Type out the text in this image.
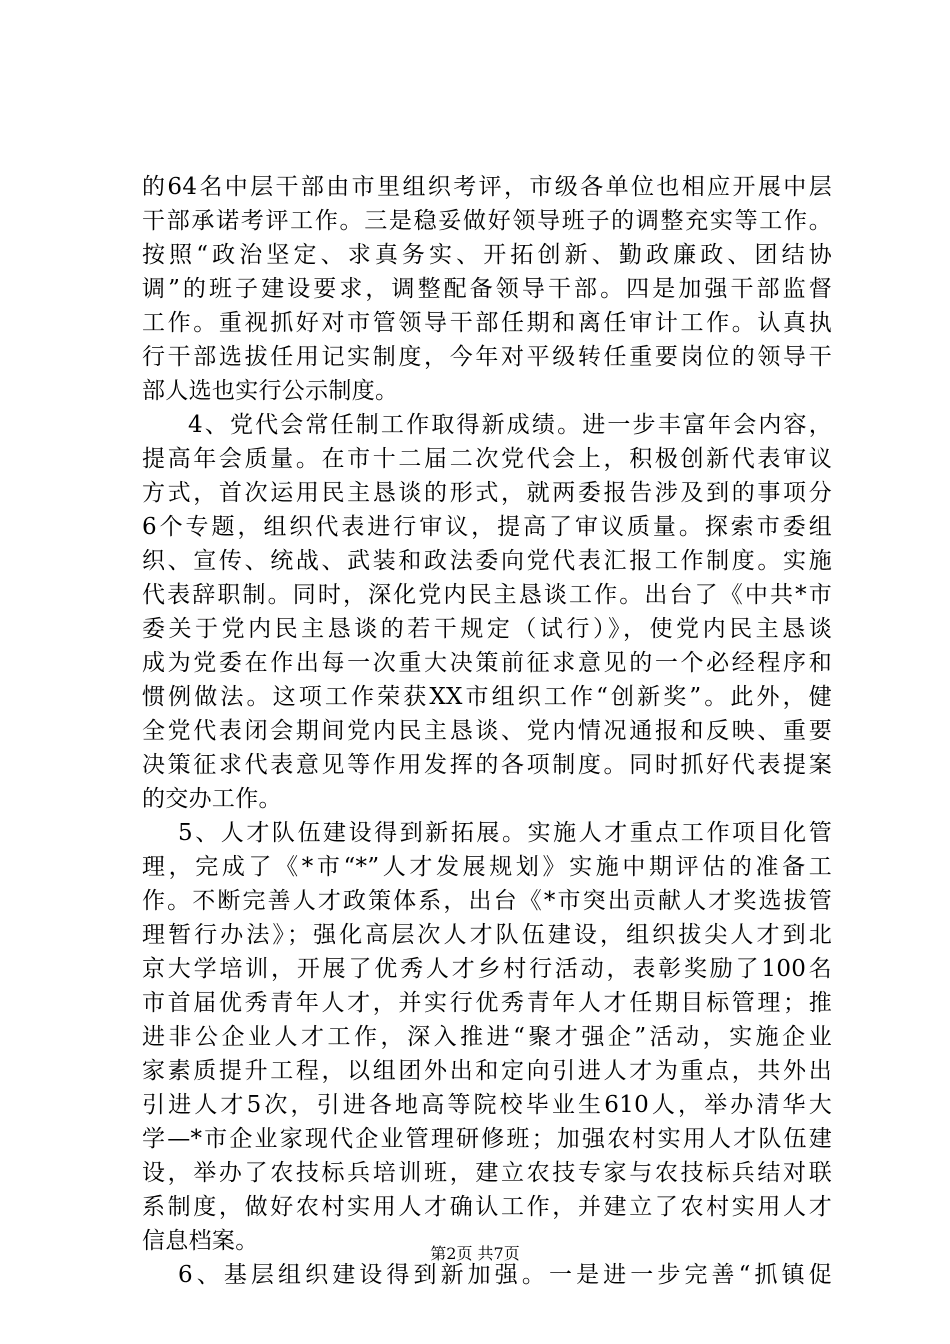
的64名中层干部由市里组织考评，市级各单位也相应开展中层
干部承诺考评工作。三是稳妥做好领导班子的调整充实等工作。
按照“政治坚定、求真务实、开拓创新、勤政廉政、团结协
调”的班子建设要求，调整配备领导干部。四是加强干部监督
工作。重视抓好对市管领导干部任期和离任审计工作。认真执
行干部选拔任用记实制度，今年对平级转任重要岗位的领导干
部人选也实行公示制度。
4、党代会常任制工作取得新成绩。进一步丰富年会内容，
提高年会质量。在市十二届二次党代会上，积极创新代表审议
方式，首次运用民主恳谈的形式，就两委报告涉及到的事项分
6个专题，组织代表进行审议，提高了审议质量。探索市委组
织、宣传、统战、武装和政法委向党代表汇报工作制度。实施
代表辞职制。同时，深化党内民主恳谈工作。出台了《中共*市
委关于党内民主恳谈的若干规定（试行）》，使党内民主恳谈
成为党委在作出每一次重大决策前征求意见的一个必经程序和
惯例做法。这项工作荣获XX市组织工作“创新奖”。此外，健
全党代表闭会期间党内民主恳谈、党内情况通报和反映、重要
决策征求代表意见等作用发挥的各项制度。同时抓好代表提案
的交办工作。
5、人才队伍建设得到新拓展。实施人才重点工作项目化管
理，完成了《*市“*”人才发展规划》实施中期评估的准备工
作。不断完善人才政策体系，出台《*市突出贡献人才奖选拔管
理暂行办法》；强化高层次人才队伍建设，组织拔尖人才到北
京大学培训，开展了优秀人才乡村行活动，表彰奖励了100名
市首届优秀青年人才，并实行优秀青年人才任期目标管理；推
进非公企业人才工作，深入推进“聚才强企”活动，实施企业
家素质提升工程，以组团外出和定向引进人才为重点，共外出
引进人才5次，引进各地高等院校毕业生610人，举办清华大
学—*市企业家现代企业管理研修班；加强农村实用人才队伍建
设，举办了农技标兵培训班，建立农技专家与农技标兵结对联
系制度，做好农村实用人才确认工作，并建立了农村实用人才
信息档案。
6、基层组织建设得到新加强。一是进一步完善“抓镇促
第2页 共7页
